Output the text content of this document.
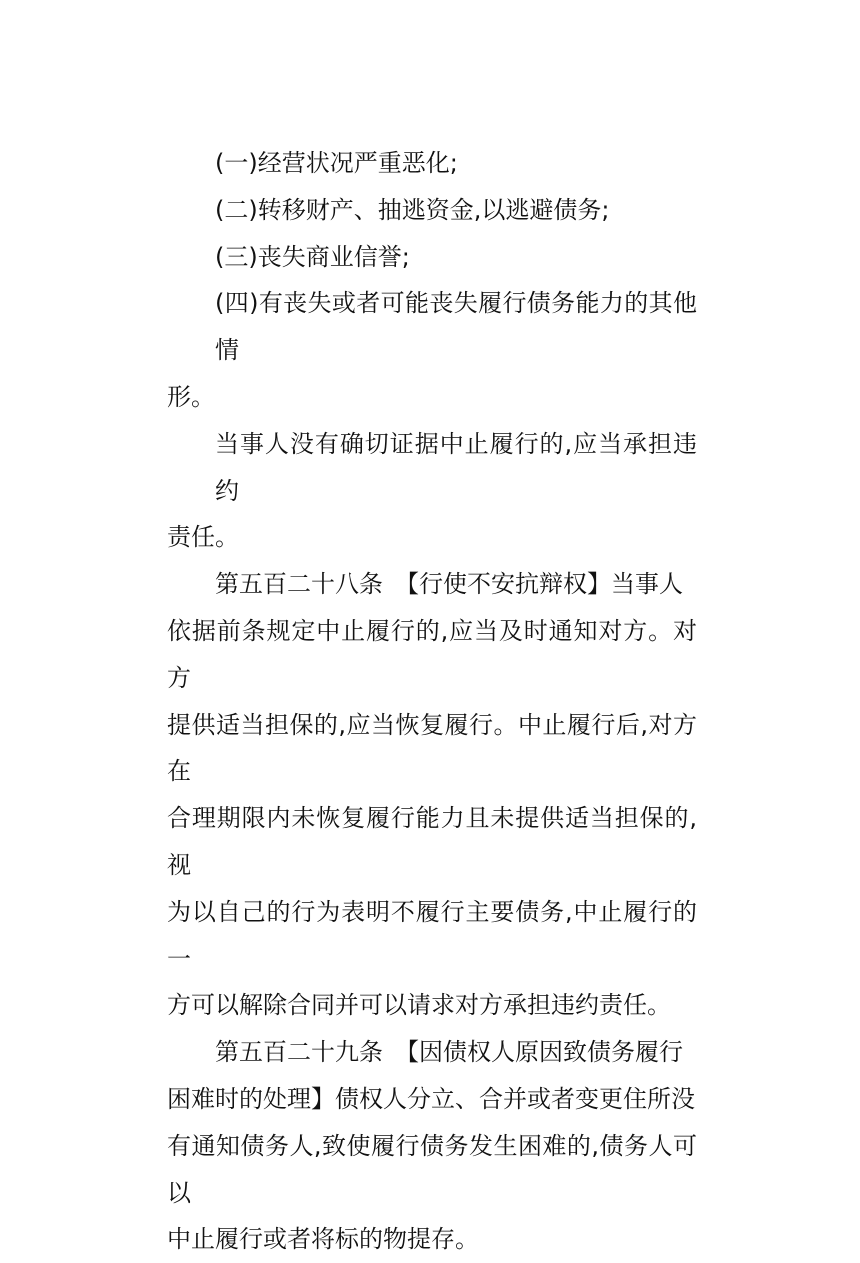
(一)经营状况严重恶化;

(二)转移财产、抽逃资金,以逃避债务;

(三)丧失商业信誉;

(四)有丧失或者可能丧失履行债务能力的其他情
形。

当事人没有确切证据中止履行的,应当承担违约
责任。

第五百二十八条　【行使不安抗辩权】当事人
依据前条规定中止履行的,应当及时通知对方。对方
提供适当担保的,应当恢复履行。中止履行后,对方在
合理期限内未恢复履行能力且未提供适当担保的,视
为以自己的行为表明不履行主要债务,中止履行的一
方可以解除合同并可以请求对方承担违约责任。

第五百二十九条　【因债权人原因致债务履行
困难时的处理】债权人分立、合并或者变更住所没
有通知债务人,致使履行债务发生困难的,债务人可以
中止履行或者将标的物提存。
